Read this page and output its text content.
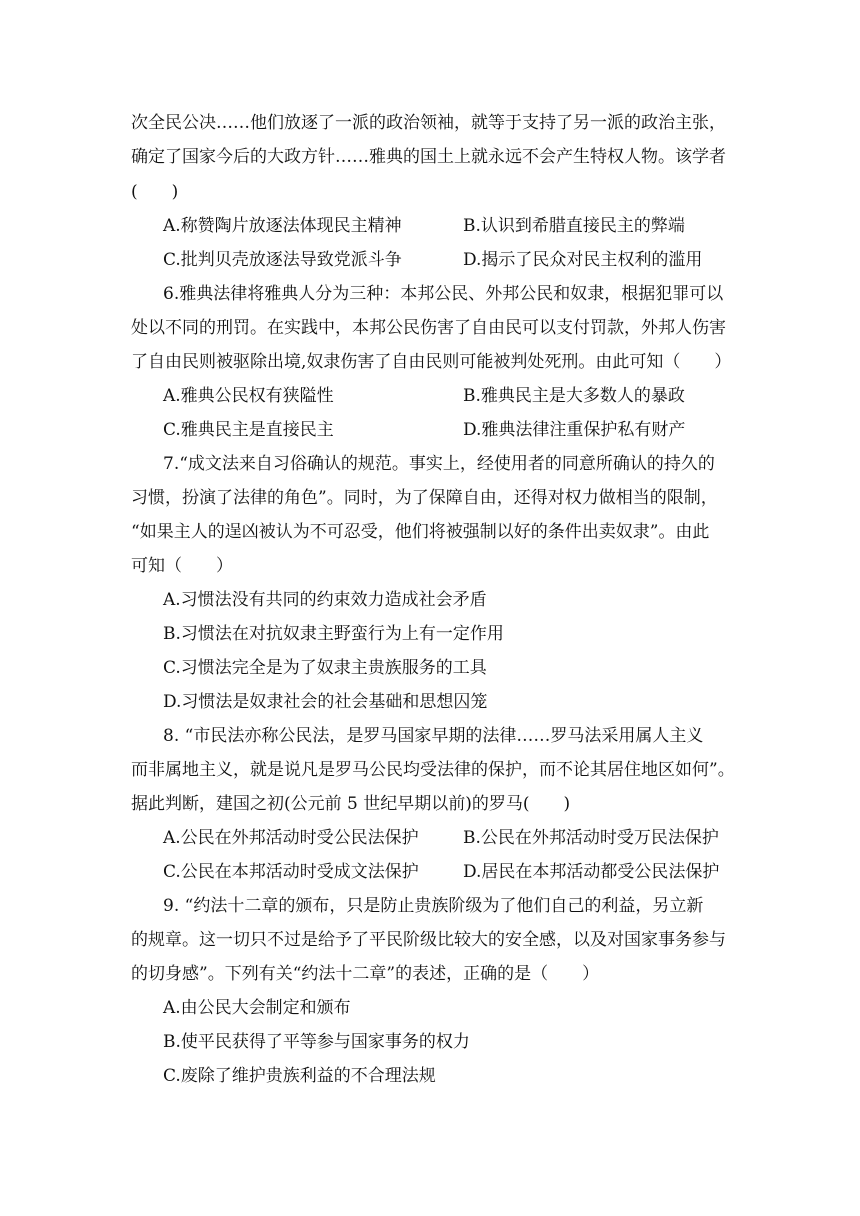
次全民公决……他们放逐了一派的政治领袖，就等于支持了另一派的政治主张，
确定了国家今后的大政方针……雅典的国土上就永远不会产生特权人物。该学者
(　　)
A.称赞陶片放逐法体现民主精神	B.认识到希腊直接民主的弊端
C.批判贝壳放逐法导致党派斗争	D.揭示了民众对民主权利的滥用
6.雅典法律将雅典人分为三种：本邦公民、外邦公民和奴隶，根据犯罪可以
处以不同的刑罚。在实践中，本邦公民伤害了自由民可以支付罚款，外邦人伤害
了自由民则被驱除出境,奴隶伤害了自由民则可能被判处死刑。由此可知（　　）
A.雅典公民权有狭隘性	B.雅典民主是大多数人的暴政
C.雅典民主是直接民主	D.雅典法律注重保护私有财产
7.“成文法来自习俗确认的规范。事实上，经使用者的同意所确认的持久的
习惯，扮演了法律的角色”。同时，为了保障自由，还得对权力做相当的限制，
“如果主人的逞凶被认为不可忍受，他们将被强制以好的条件出卖奴隶”。由此
可知（　　）
A.习惯法没有共同的约束效力造成社会矛盾
B.习惯法在对抗奴隶主野蛮行为上有一定作用
C.习惯法完全是为了奴隶主贵族服务的工具
D.习惯法是奴隶社会的社会基础和思想囚笼
8. “市民法亦称公民法，是罗马国家早期的法律……罗马法采用属人主义
而非属地主义，就是说凡是罗马公民均受法律的保护，而不论其居住地区如何”。
据此判断，建国之初(公元前 5 世纪早期以前)的罗马(　　)
A.公民在外邦活动时受公民法保护	B.公民在外邦活动时受万民法保护
C.公民在本邦活动时受成文法保护	D.居民在本邦活动都受公民法保护
9. “约法十二章的颁布，只是防止贵族阶级为了他们自己的利益，另立新
的规章。这一切只不过是给予了平民阶级比较大的安全感，以及对国家事务参与
的切身感”。下列有关“约法十二章”的表述，正确的是（　　）
A.由公民大会制定和颁布
B.使平民获得了平等参与国家事务的权力
C.废除了维护贵族利益的不合理法规
